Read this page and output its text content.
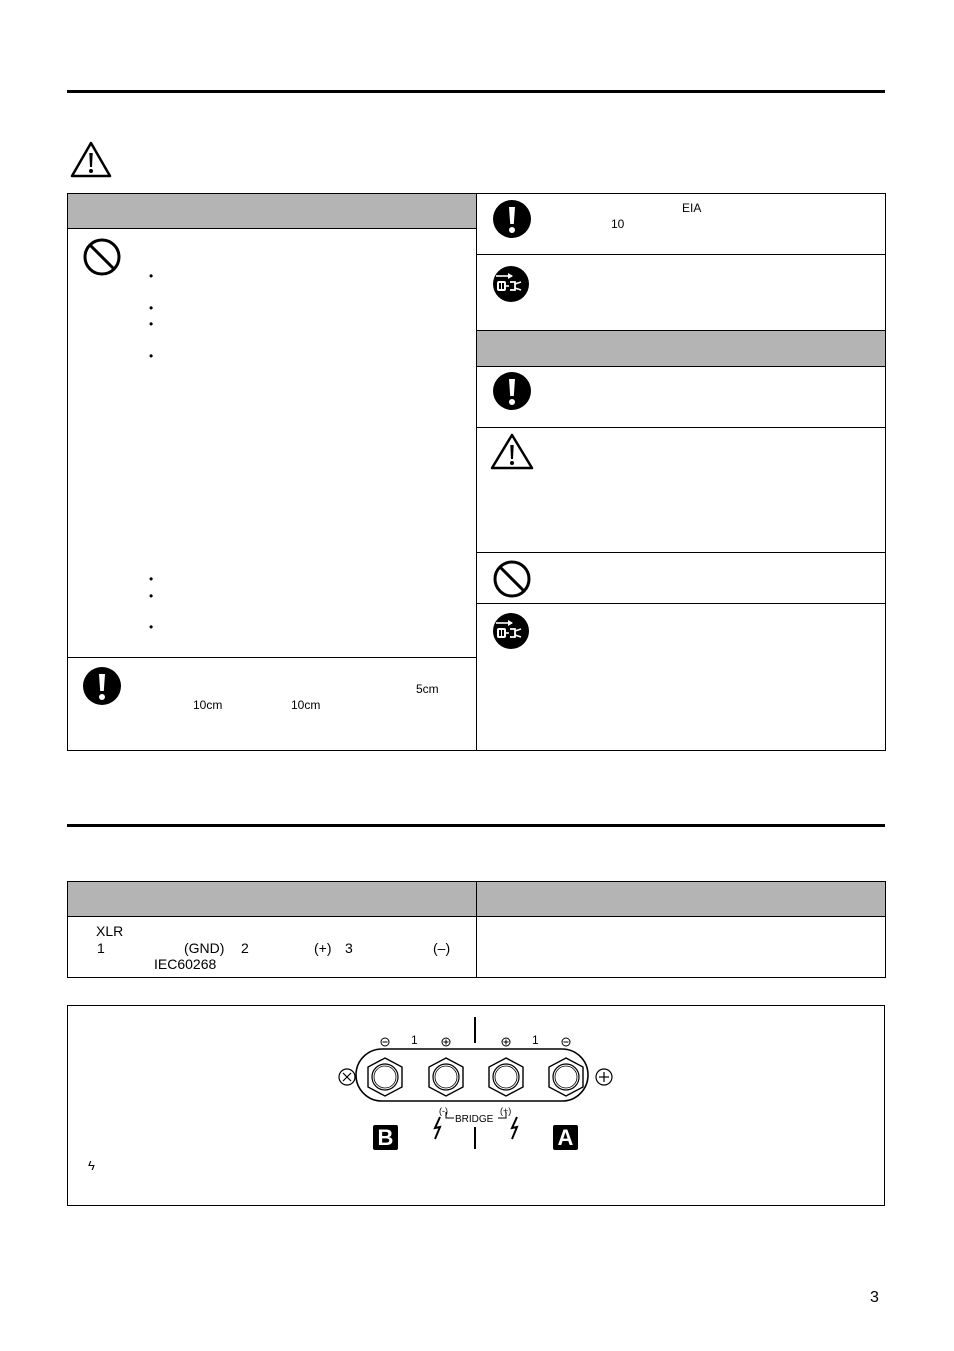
•
•
•
•
•
•
•
5cm
10cm	10cm
EIA
10
XLR
1	(GND) 2	(+) 3	(–)
IEC60268
1	1
(-)	(+)
BRIDGE
B	A
ϟ
3
